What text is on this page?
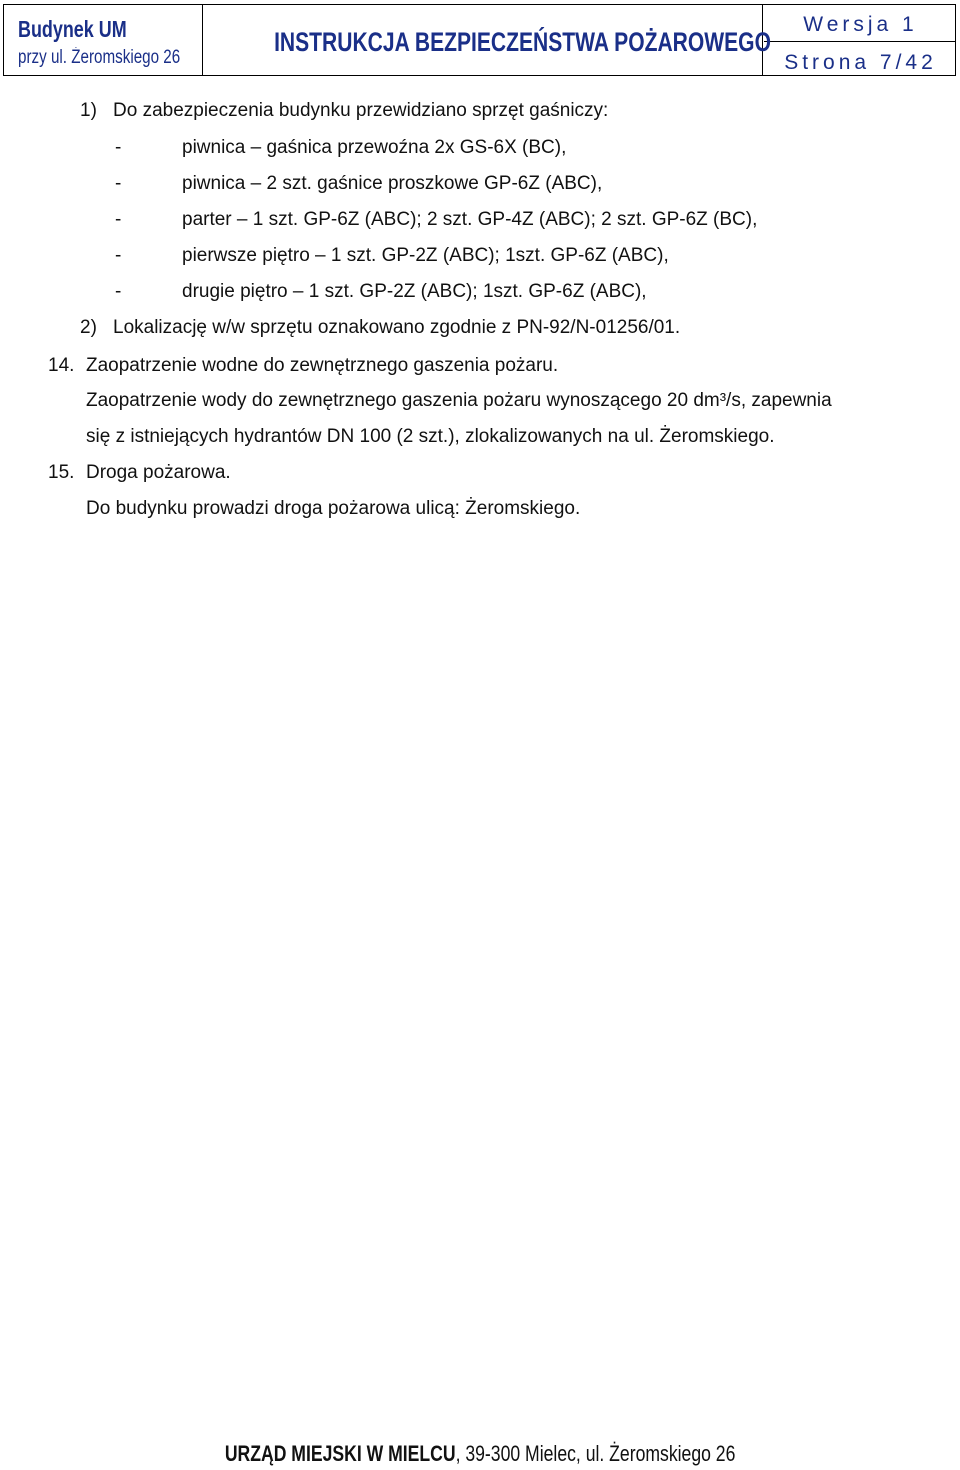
Budynek UM
przy ul. Żeromskiego 26
INSTRUKCJA BEZPIECZEŃSTWA POŻAROWEGO
Wersja 1
Strona 7/42
1) Do zabezpieczenia budynku przewidziano sprzęt gaśniczy:
-	piwnica – gaśnica przewoźna 2x GS-6X (BC),
-	piwnica – 2 szt. gaśnice proszkowe GP-6Z (ABC),
-	parter – 1 szt. GP-6Z (ABC); 2 szt. GP-4Z (ABC); 2 szt. GP-6Z (BC),
-	pierwsze piętro – 1 szt. GP-2Z (ABC); 1szt. GP-6Z (ABC),
-	drugie piętro – 1 szt. GP-2Z (ABC); 1szt. GP-6Z (ABC),
2) Lokalizację w/w sprzętu oznakowano zgodnie z PN-92/N-01256/01.
14. Zaopatrzenie wodne do zewnętrznego gaszenia pożaru.
Zaopatrzenie wody do zewnętrznego gaszenia pożaru wynoszącego 20 dm³/s, zapewnia
się z istniejących hydrantów DN 100 (2 szt.), zlokalizowanych na ul. Żeromskiego.
15. Droga pożarowa.
Do budynku prowadzi droga pożarowa ulicą: Żeromskiego.
URZĄD MIEJSKI W MIELCU, 39-300 Mielec, ul. Żeromskiego 26
